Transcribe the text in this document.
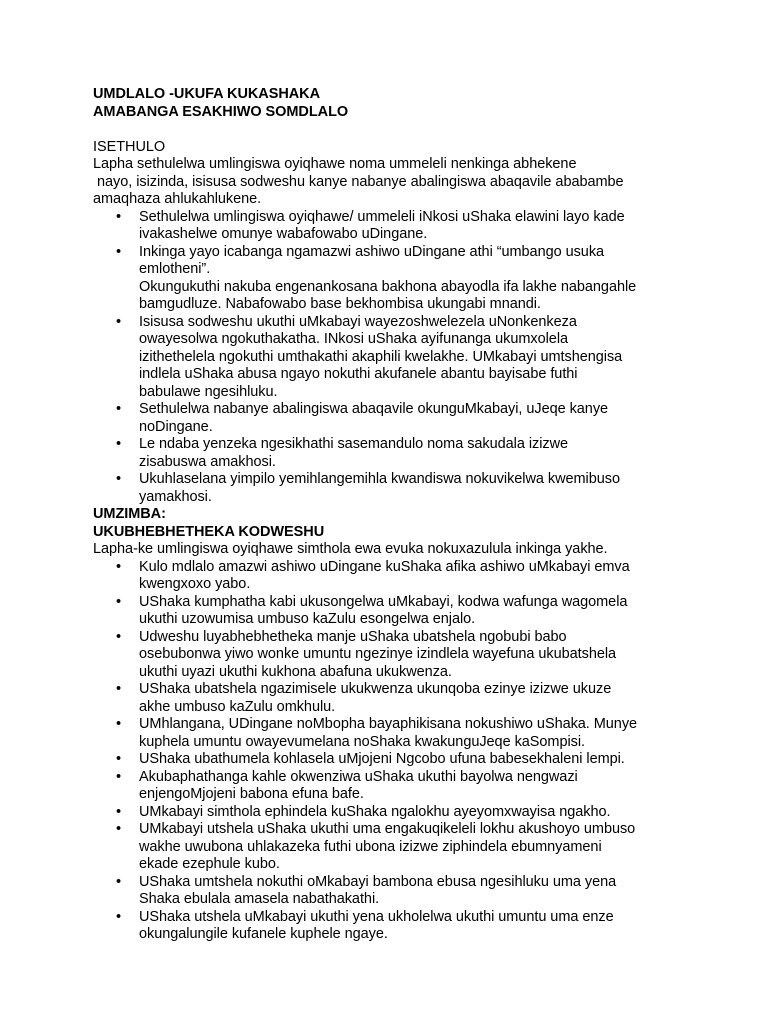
UMDLALO -UKUFA KUKASHAKA
AMABANGA ESAKHIWO SOMDLALO
ISETHULO
Lapha sethulelwa umlingiswa oyiqhawe noma ummeleli nenkinga abhekene
nayo, isizinda, isisusa sodweshu kanye nabanye abalingiswa abaqavile ababambe
amaqhaza ahlukahlukene.
• Sethulelwa umlingiswa oyiqhawe/ ummeleli iNkosi uShaka elawini layo kade
ivakashelwe omunye wabafowabo uDingane.
• Inkinga yayo icabanga ngamazwi ashiwo uDingane athi “umbango usuka
emlotheni”.
Okungukuthi nakuba engenankosana bakhona abayodla ifa lakhe nabangahle
bamgudluze. Nabafowabo base bekhombisa ukungabi mnandi.
• Isisusa sodweshu ukuthi uMkabayi wayezoshwelezela uNonkenkeza
owayesolwa ngokuthakatha. INkosi uShaka ayifunanga ukumxolela
izithethelela ngokuthi umthakathi akaphili kwelakhe. UMkabayi umtshengisa
indlela uShaka abusa ngayo nokuthi akufanele abantu bayisabe futhi
babulawe ngesihluku.
• Sethulelwa nabanye abalingiswa abaqavile okunguMkabayi, uJeqe kanye
noDingane.
• Le ndaba yenzeka ngesikhathi sasemandulo noma sakudala izizwe
zisabuswa amakhosi.
• Ukuhlaselana yimpilo yemihlangemihla kwandiswa nokuvikelwa kwemibuso
yamakhosi.
UMZIMBA:
UKUBHEBHETHEKA KODWESHU
Lapha-ke umlingiswa oyiqhawe simthola ewa evuka nokuxazulula inkinga yakhe.
• Kulo mdlalo amazwi ashiwo uDingane kuShaka afika ashiwo uMkabayi emva
kwengxoxo yabo.
• UShaka kumphatha kabi ukusongelwa uMkabayi, kodwa wafunga wagomela
ukuthi uzowumisa umbuso kaZulu esongelwa enjalo.
• Udweshu luyabhebhetheka manje uShaka ubatshela ngobubi babo
osebubonwa yiwo wonke umuntu ngezinye izindlela wayefuna ukubatshela
ukuthi uyazi ukuthi kukhona abafuna ukukwenza.
• UShaka ubatshela ngazimisele ukukwenza ukunqoba ezinye izizwe ukuze
akhe umbuso kaZulu omkhulu.
• UMhlangana, UDingane noMbopha bayaphikisana nokushiwo uShaka. Munye
kuphela umuntu owayevumelana noShaka kwakunguJeqe kaSompisi.
• UShaka ubathumela kohlasela uMjojeni Ngcobo ufuna babesekhaleni lempi.
• Akubaphathanga kahle okwenziwa uShaka ukuthi bayolwa nengwazi
enjengoMjojeni babona efuna bafe.
• UMkabayi simthola ephindela kuShaka ngalokhu ayeyomxwayisa ngakho.
• UMkabayi utshela uShaka ukuthi uma engakuqikeleli lokhu akushoyo umbuso
wakhe uwubona uhlakazeka futhi ubona izizwe ziphindela ebumnyameni
ekade ezephule kubo.
• UShaka umtshela nokuthi oMkabayi bambona ebusa ngesihluku uma yena
Shaka ebulala amasela nabathakathi.
• UShaka utshela uMkabayi ukuthi yena ukholelwa ukuthi umuntu uma enze
okungalungile kufanele kuphele ngaye.
